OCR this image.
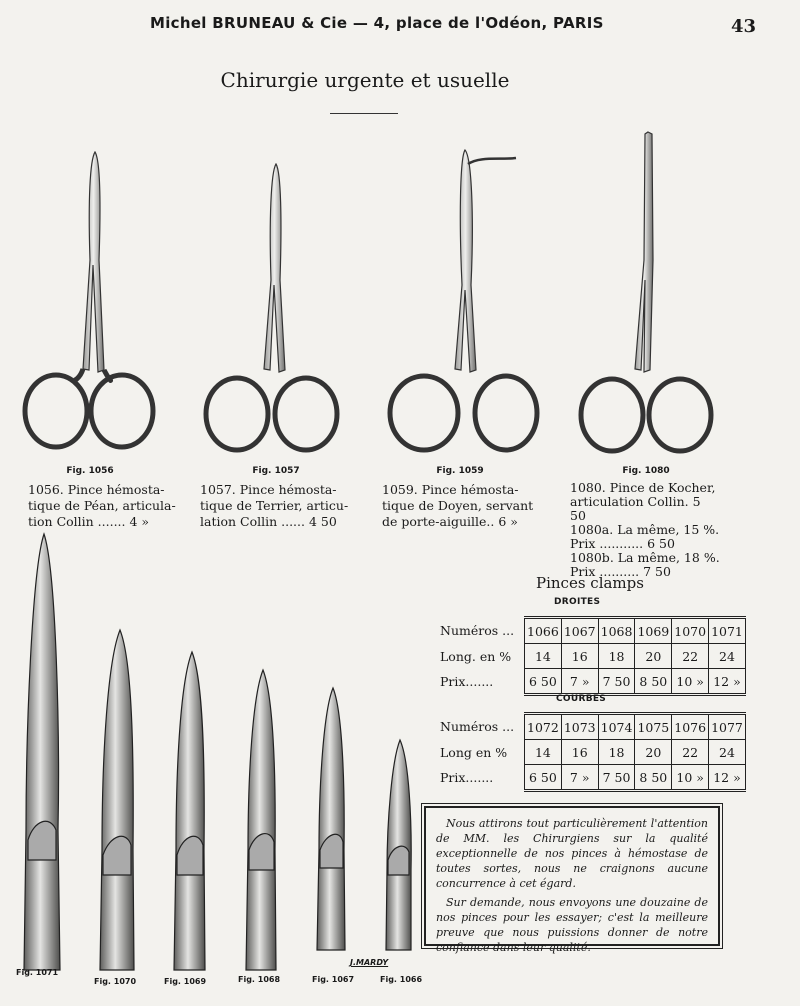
Michel BRUNEAU & Cie — 4, place de l'Odéon, PARIS	43
Chirurgie urgente et usuelle
Fig. 1056
1056. Pince hémosta-
tique de Péan, articula-
tion Collin ....... 4 »
Fig. 1057
1057. Pince hémosta-
tique de Terrier, articu-
lation Collin ...... 4 50
Fig. 1059
1059. Pince hémosta-
tique de Doyen, servant
de porte-aiguille.. 6 »
Fig. 1080
1080. Pince de Kocher,
articulation Collin. 5 50
1080a. La même, 15 %.
Prix ........... 6 50
1080b. La même, 18 %.
Prix .......... 7 50
Pinces clamps
DROITES
Numéros ...	1066	1067	1068	1069	1070	1071
Long. en %	14	16	18	20	22	24
Prix.......	6 50	7 »	7 50	8 50	10 »	12 »
COURBES
Numéros ...	1072	1073	1074	1075	1076	1077
Long en %	14	16	18	20	22	24
Prix.......	6 50	7 »	7 50	8 50	10 »	12 »

Nous attirons tout particulièrement l'attention de MM. les Chirurgiens sur la qualité exceptionnelle de nos pinces à hémostase de toutes sortes, nous ne craignons aucune concurrence à cet égard.

Sur demande, nous envoyons une douzaine de nos pinces pour les essayer; c'est la meilleure preuve que nous puissions donner de notre confiance dans leur qualité.

Fig. 1071
Fig. 1070	Fig. 1069	Fig. 1068	Fig. 1067	Fig. 1066
J.MARDY
